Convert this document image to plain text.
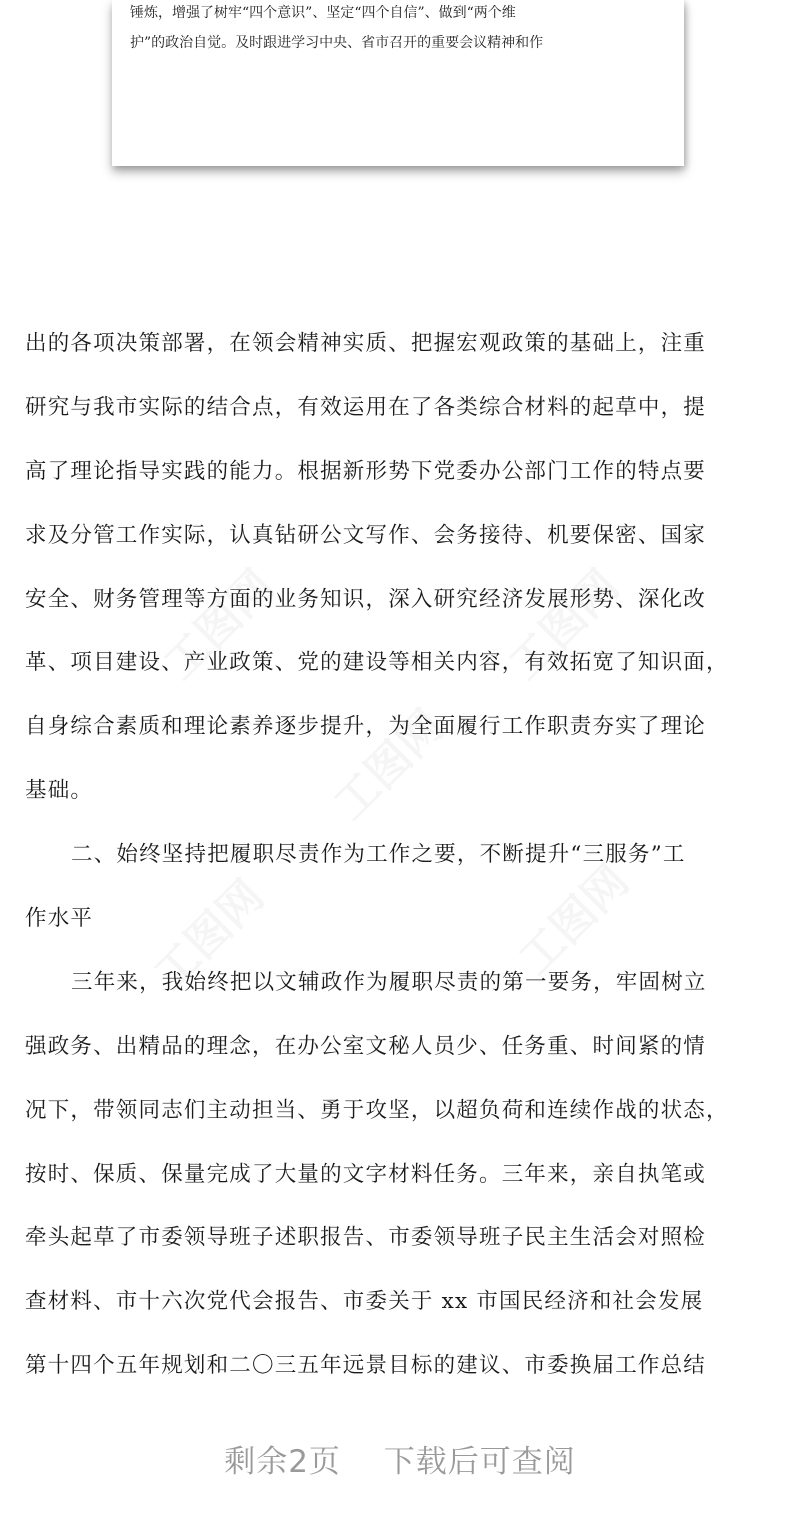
锤炼，增强了树牢“四个意识”、坚定“四个自信”、做到“两个维
护”的政治自觉。及时跟进学习中央、省市召开的重要会议精神和作
工图网	工图网
工图网
工图网	工图网
出的各项决策部署，在领会精神实质、把握宏观政策的基础上，注重
研究与我市实际的结合点，有效运用在了各类综合材料的起草中，提
高了理论指导实践的能力。根据新形势下党委办公部门工作的特点要
求及分管工作实际，认真钻研公文写作、会务接待、机要保密、国家
安全、财务管理等方面的业务知识，深入研究经济发展形势、深化改
革、项目建设、产业政策、党的建设等相关内容，有效拓宽了知识面，
自身综合素质和理论素养逐步提升，为全面履行工作职责夯实了理论
基础。
二、始终坚持把履职尽责作为工作之要，不断提升“三服务”工
作水平
三年来，我始终把以文辅政作为履职尽责的第一要务，牢固树立
强政务、出精品的理念，在办公室文秘人员少、任务重、时间紧的情
况下，带领同志们主动担当、勇于攻坚，以超负荷和连续作战的状态，
按时、保质、保量完成了大量的文字材料任务。三年来，亲自执笔或
牵头起草了市委领导班子述职报告、市委领导班子民主生活会对照检
查材料、市十六次党代会报告、市委关于 xx 市国民经济和社会发展
第十四个五年规划和二〇三五年远景目标的建议、市委换届工作总结
剩余2页 下载后可查阅
